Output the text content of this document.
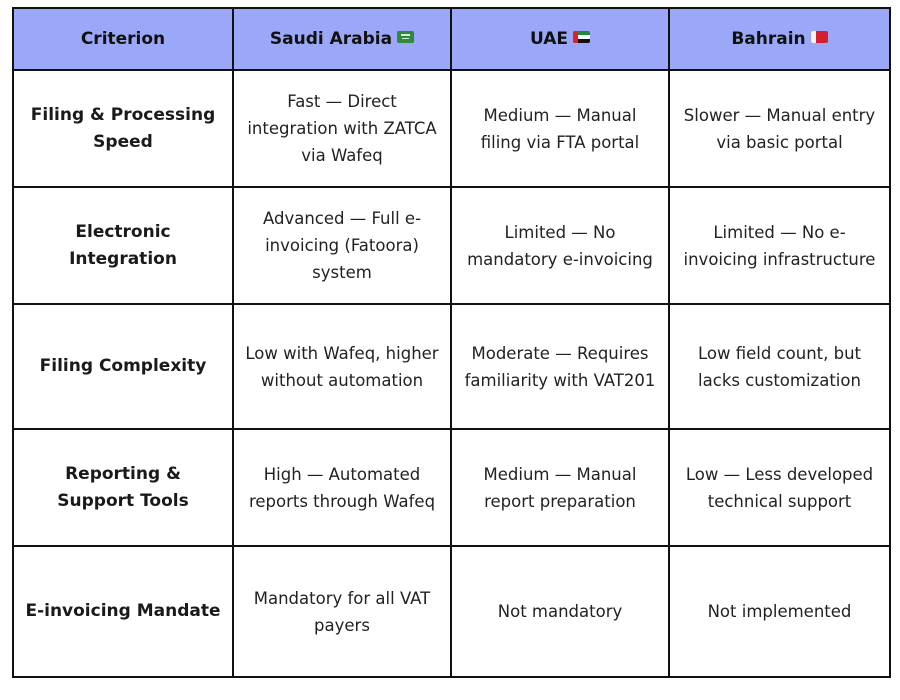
Criterion	Saudi Arabia	UAE	Bahrain
Filing & Processing Speed	Fast — Direct integration with ZATCA via Wafeq	Medium — Manual filing via FTA portal	Slower — Manual entry via basic portal
Electronic Integration	Advanced — Full e-invoicing (Fatoora) system	Limited — No mandatory e-invoicing	Limited — No e-invoicing infrastructure
Filing Complexity	Low with Wafeq, higher without automation	Moderate — Requires familiarity with VAT201	Low field count, but lacks customization
Reporting & Support Tools	High — Automated reports through Wafeq	Medium — Manual report preparation	Low — Less developed technical support
E-invoicing Mandate	Mandatory for all VAT payers	Not mandatory	Not implemented
